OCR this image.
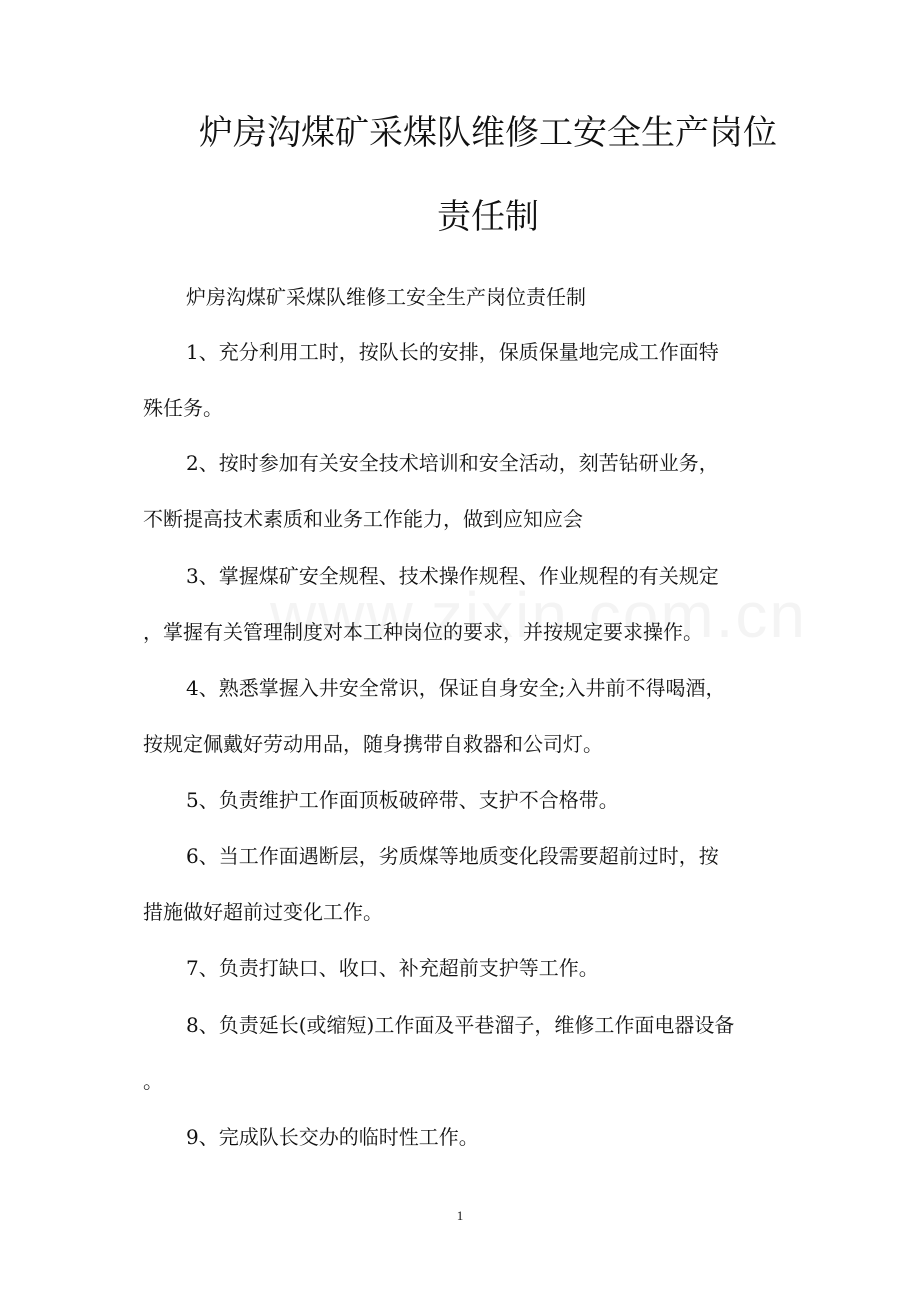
炉房沟煤矿采煤队维修工安全生产岗位
责任制
炉房沟煤矿采煤队维修工安全生产岗位责任制
1、充分利用工时，按队长的安排，保质保量地完成工作面特
殊任务。
2、按时参加有关安全技术培训和安全活动，刻苦钻研业务，
不断提高技术素质和业务工作能力，做到应知应会
3、掌握煤矿安全规程、技术操作规程、作业规程的有关规定
，掌握有关管理制度对本工种岗位的要求，并按规定要求操作。
4、熟悉掌握入井安全常识，保证自身安全;入井前不得喝酒，
按规定佩戴好劳动用品，随身携带自救器和公司灯。
5、负责维护工作面顶板破碎带、支护不合格带。
6、当工作面遇断层，劣质煤等地质变化段需要超前过时，按
措施做好超前过变化工作。
7、负责打缺口、收口、补充超前支护等工作。
8、负责延长(或缩短)工作面及平巷溜子，维修工作面电器设备
。
9、完成队长交办的临时性工作。
1
